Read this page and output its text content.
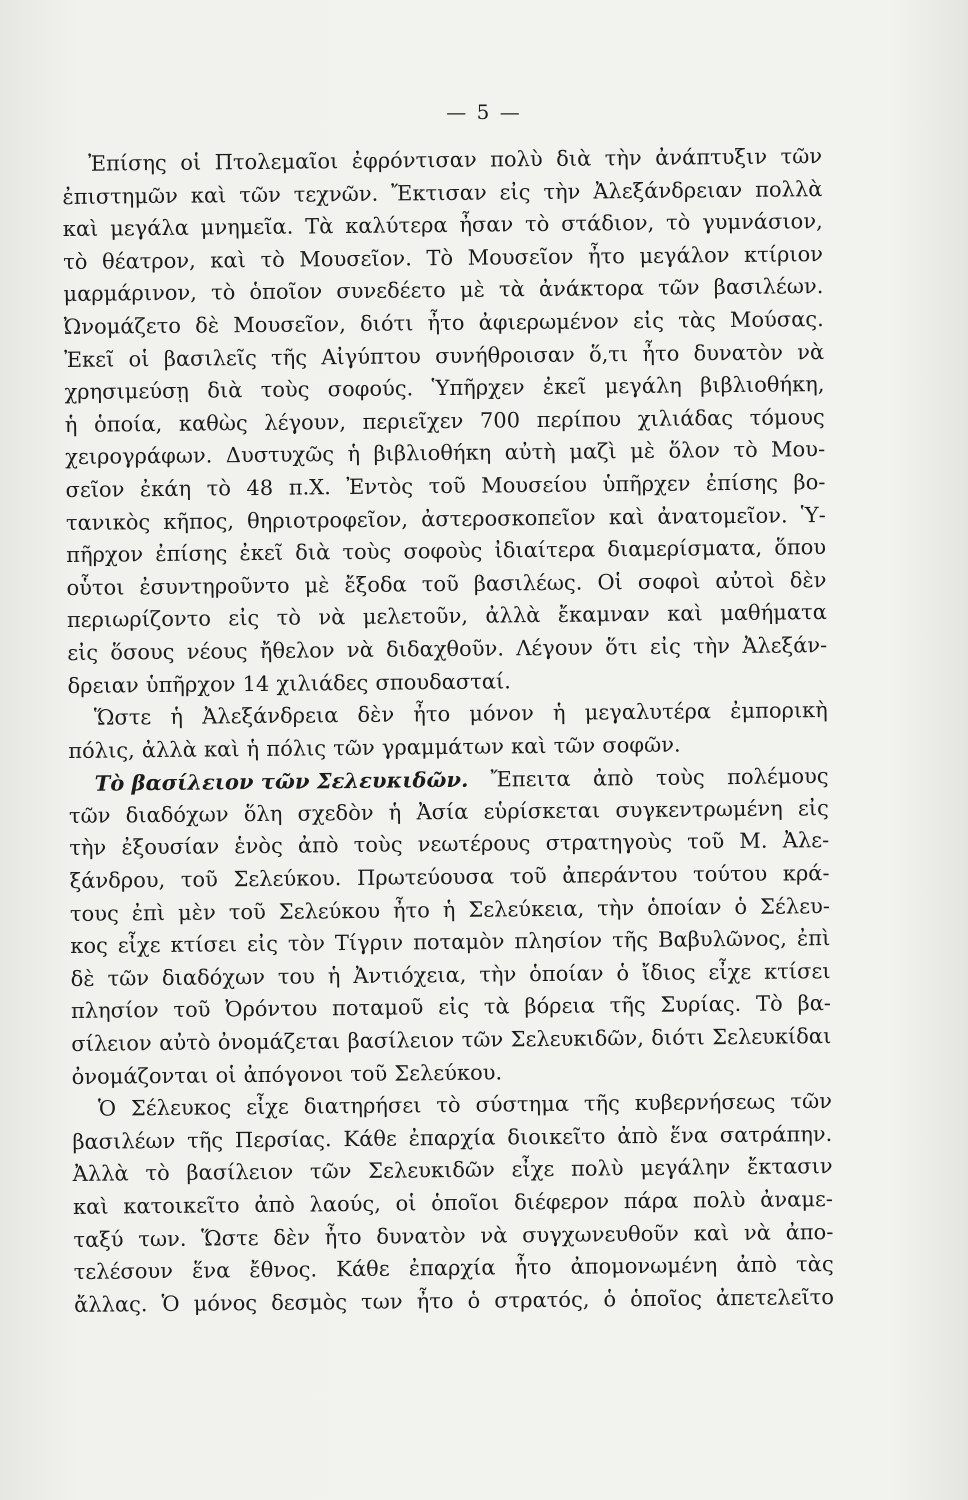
— 5 —
Ἐπίσης οἱ Πτολεμαῖοι ἐφρόντισαν πολὺ διὰ τὴν ἀνάπτυξιν τῶν
ἐπιστημῶν καὶ τῶν τεχνῶν. Ἔκτισαν εἰς τὴν Ἀλεξάνδρειαν πολλὰ
καὶ μεγάλα μνημεῖα. Τὰ καλύτερα ἦσαν τὸ στάδιον, τὸ γυμνάσιον,
τὸ θέατρον, καὶ τὸ Μουσεῖον. Τὸ Μουσεῖον ἦτο μεγάλον κτίριον
μαρμάρινον, τὸ ὁποῖον συνεδέετο μὲ τὰ ἀνάκτορα τῶν βασιλέων.
Ὠνομάζετο δὲ Μουσεῖον, διότι ἦτο ἀφιερωμένον εἰς τὰς Μούσας.
Ἐκεῖ οἱ βασιλεῖς τῆς Αἰγύπτου συνήθροισαν ὅ,τι ἦτο δυνατὸν νὰ
χρησιμεύσῃ διὰ τοὺς σοφούς. Ὑπῆρχεν ἐκεῖ μεγάλη βιβλιοθήκη,
ἡ ὁποία, καθὼς λέγουν, περιεῖχεν 700 περίπου χιλιάδας τόμους
χειρογράφων. Δυστυχῶς ἡ βιβλιοθήκη αὐτὴ μαζὶ μὲ ὅλον τὸ Μου-
σεῖον ἐκάη τὸ 48 π.Χ. Ἐντὸς τοῦ Μουσείου ὑπῆρχεν ἐπίσης βο-
τανικὸς κῆπος, θηριοτροφεῖον, ἀστεροσκοπεῖον καὶ ἀνατομεῖον. Ὑ-
πῆρχον ἐπίσης ἐκεῖ διὰ τοὺς σοφοὺς ἰδιαίτερα διαμερίσματα, ὅπου
οὗτοι ἐσυντηροῦντο μὲ ἔξοδα τοῦ βασιλέως. Οἱ σοφοὶ αὐτοὶ δὲν
περιωρίζοντο εἰς τὸ νὰ μελετοῦν, ἀλλὰ ἔκαμναν καὶ μαθήματα
εἰς ὅσους νέους ἤθελον νὰ διδαχθοῦν. Λέγουν ὅτι εἰς τὴν Ἀλεξάν-
δρειαν ὑπῆρχον 14 χιλιάδες σπουδασταί.
Ὥστε ἡ Ἀλεξάνδρεια δὲν ἦτο μόνον ἡ μεγαλυτέρα ἐμπορικὴ
πόλις, ἀλλὰ καὶ ἡ πόλις τῶν γραμμάτων καὶ τῶν σοφῶν.
Τὸ βασίλειον τῶν Σελευκιδῶν. Ἔπειτα ἀπὸ τοὺς πολέμους
τῶν διαδόχων ὅλη σχεδὸν ἡ Ἀσία εὑρίσκεται συγκεντρωμένη εἰς
τὴν ἐξουσίαν ἑνὸς ἀπὸ τοὺς νεωτέρους στρατηγοὺς τοῦ Μ. Ἀλε-
ξάνδρου, τοῦ Σελεύκου. Πρωτεύουσα τοῦ ἀπεράντου τούτου κρά-
τους ἐπὶ μὲν τοῦ Σελεύκου ἦτο ἡ Σελεύκεια, τὴν ὁποίαν ὁ Σέλευ-
κος εἶχε κτίσει εἰς τὸν Τίγριν ποταμὸν πλησίον τῆς Βαβυλῶνος, ἐπὶ
δὲ τῶν διαδόχων του ἡ Ἀντιόχεια, τὴν ὁποίαν ὁ ἴδιος εἶχε κτίσει
πλησίον τοῦ Ὀρόντου ποταμοῦ εἰς τὰ βόρεια τῆς Συρίας. Τὸ βα-
σίλειον αὐτὸ ὀνομάζεται βασίλειον τῶν Σελευκιδῶν, διότι Σελευκίδαι
ὀνομάζονται οἱ ἀπόγονοι τοῦ Σελεύκου.
Ὁ Σέλευκος εἶχε διατηρήσει τὸ σύστημα τῆς κυβερνήσεως τῶν
βασιλέων τῆς Περσίας. Κάθε ἐπαρχία διοικεῖτο ἀπὸ ἕνα σατράπην.
Ἀλλὰ τὸ βασίλειον τῶν Σελευκιδῶν εἶχε πολὺ μεγάλην ἔκτασιν
καὶ κατοικεῖτο ἀπὸ λαούς, οἱ ὁποῖοι διέφερον πάρα πολὺ ἀναμε-
ταξύ των. Ὥστε δὲν ἦτο δυνατὸν νὰ συγχωνευθοῦν καὶ νὰ ἀπο-
τελέσουν ἕνα ἔθνος. Κάθε ἐπαρχία ἦτο ἀπομονωμένη ἀπὸ τὰς
ἄλλας. Ὁ μόνος δεσμὸς των ἦτο ὁ στρατός, ὁ ὁποῖος ἀπετελεῖτο
